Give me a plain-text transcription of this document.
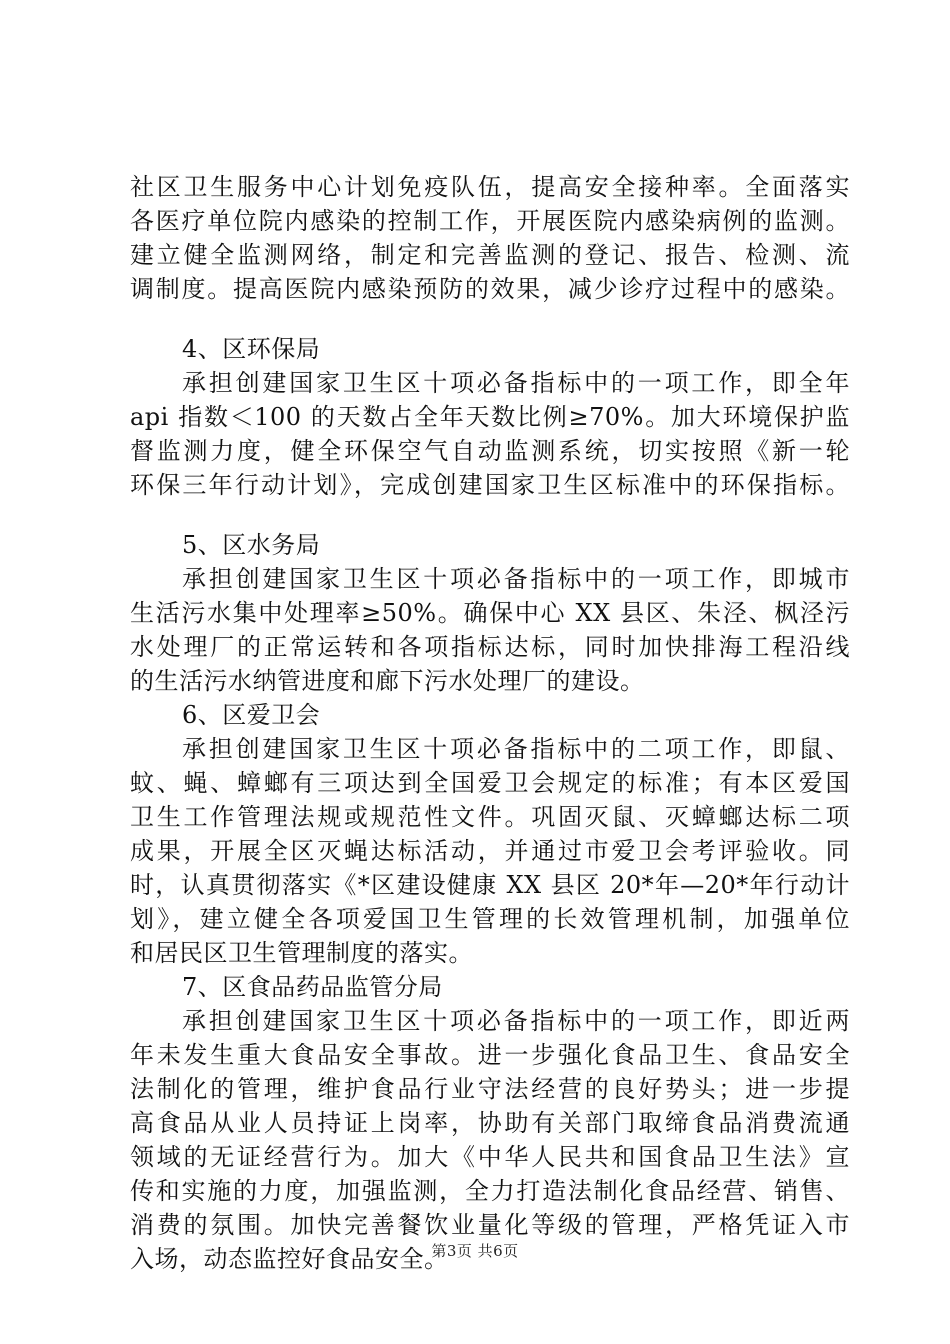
社区卫生服务中心计划免疫队伍，提高安全接种率。全面落实
各医疗单位院内感染的控制工作，开展医院内感染病例的监测。
建立健全监测网络，制定和完善监测的登记、报告、检测、流
调制度。提高医院内感染预防的效果，减少诊疗过程中的感染。
4、区环保局
承担创建国家卫生区十项必备指标中的一项工作，即全年
api 指数＜100 的天数占全年天数比例≥70%。加大环境保护监
督监测力度，健全环保空气自动监测系统，切实按照《新一轮
环保三年行动计划》，完成创建国家卫生区标准中的环保指标。
5、区水务局
承担创建国家卫生区十项必备指标中的一项工作，即城市
生活污水集中处理率≥50%。确保中心 XX 县区、朱泾、枫泾污
水处理厂的正常运转和各项指标达标，同时加快排海工程沿线
的生活污水纳管进度和廊下污水处理厂的建设。
6、区爱卫会
承担创建国家卫生区十项必备指标中的二项工作，即鼠、
蚊、蝇、蟑螂有三项达到全国爱卫会规定的标准；有本区爱国
卫生工作管理法规或规范性文件。巩固灭鼠、灭蟑螂达标二项
成果，开展全区灭蝇达标活动，并通过市爱卫会考评验收。同
时，认真贯彻落实《*区建设健康 XX 县区 20*年—20*年行动计
划》，建立健全各项爱国卫生管理的长效管理机制，加强单位
和居民区卫生管理制度的落实。
7、区食品药品监管分局
承担创建国家卫生区十项必备指标中的一项工作，即近两
年未发生重大食品安全事故。进一步强化食品卫生、食品安全
法制化的管理，维护食品行业守法经营的良好势头；进一步提
高食品从业人员持证上岗率，协助有关部门取缔食品消费流通
领域的无证经营行为。加大《中华人民共和国食品卫生法》宣
传和实施的力度，加强监测，全力打造法制化食品经营、销售、
消费的氛围。加快完善餐饮业量化等级的管理，严格凭证入市
入场，动态监控好食品安全。
第3页 共6页
